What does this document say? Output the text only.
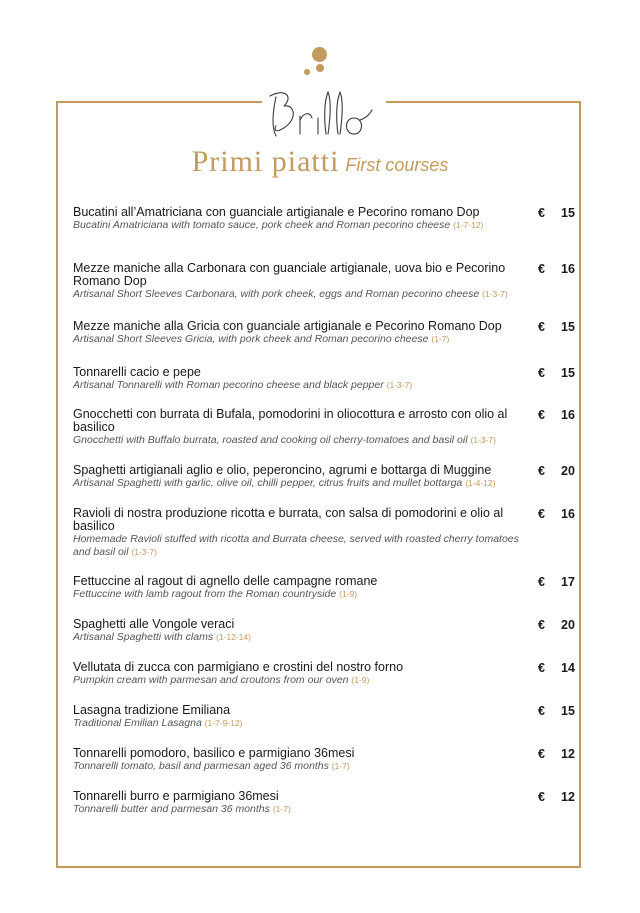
Primi piatti First courses
Bucatini all’Amatriciana con guanciale artigianale e Pecorino romano Dop
Bucatini Amatriciana with tomato sauce, pork cheek and Roman pecorino cheese (1-7-12)
€ 15
Mezze maniche alla Carbonara con guanciale artigianale, uova bio e Pecorino Romano Dop
Artisanal Short Sleeves Carbonara, with pork cheek, eggs and Roman pecorino cheese (1-3-7)
€ 16
Mezze maniche alla Gricia con guanciale artigianale e Pecorino Romano Dop
Artisanal Short Sleeves Gricia, with pork cheek and Roman pecorino cheese (1-7)
€ 15
Tonnarelli cacio e pepe
Artisanal Tonnarelli with Roman pecorino cheese and black pepper (1-3-7)
€ 15
Gnocchetti con burrata di Bufala, pomodorini in oliocottura e arrosto con olio al basilico
Gnocchetti with Buffalo burrata, roasted and cooking oil cherry-tomatoes and basil oil (1-3-7)
€ 16
Spaghetti artigianali aglio e olio, peperoncino, agrumi e bottarga di Muggine
Artisanal Spaghetti with garlic, olive oil, chilli pepper, citrus fruits and mullet bottarga (1-4-12)
€ 20
Ravioli di nostra produzione ricotta e burrata, con salsa di pomodorini e olio al basilico
Homemade Ravioli stuffed with ricotta and Burrata cheese, served with roasted cherry tomatoes and basil oil (1-3-7)
€ 16
Fettuccine al ragout di agnello delle campagne romane
Fettuccine with lamb ragout from the Roman countryside (1-9)
€ 17
Spaghetti alle Vongole veraci
Artisanal Spaghetti with clams (1-12-14)
€ 20
Vellutata di zucca con parmigiano e crostini del nostro forno
Pumpkin cream with parmesan and croutons from our oven (1-9)
€ 14
Lasagna tradizione Emiliana
Traditional Emilian Lasagna (1-7-9-12)
€ 15
Tonnarelli pomodoro, basilico e parmigiano 36mesi
Tonnarelli tomato, basil and parmesan aged 36 months (1-7)
€ 12
Tonnarelli burro e parmigiano 36mesi
Tonnarelli butter and parmesan 36 months (1-7)
€ 12
